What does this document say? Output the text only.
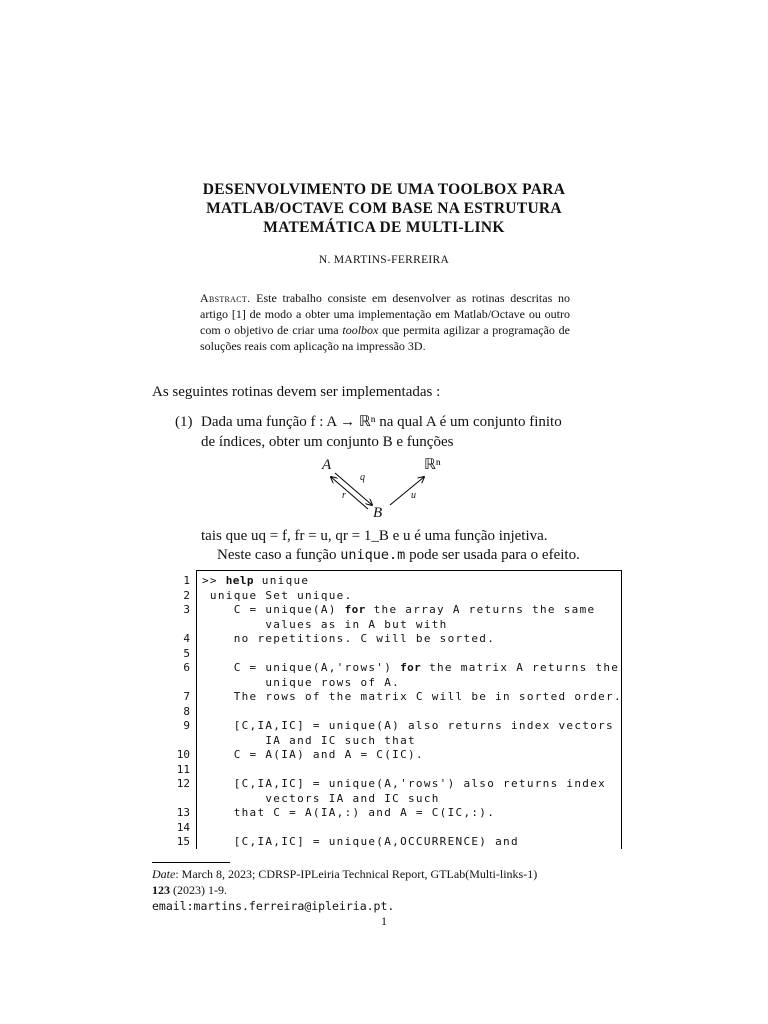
DESENVOLVIMENTO DE UMA TOOLBOX PARA
MATLAB/OCTAVE COM BASE NA ESTRUTURA
MATEMÁTICA DE MULTI-LINK
N. MARTINS-FERREIRA
Abstract. Este trabalho consiste em desenvolver as rotinas descritas no artigo [1] de modo a obter uma implementação em Matlab/Octave ou outro com o objetivo de criar uma toolbox que permita agilizar a programação de soluções reais com aplicação na impressão 3D.
As seguintes rotinas devem ser implementadas :
(1) Dada uma função f : A → ℝⁿ na qual A é um conjunto finito
de índices, obter um conjunto B e funções
A	ℝⁿ
B
q
r	u
tais que uq = f, fr = u, qr = 1_B e u é uma função injetiva.
Neste caso a função unique.m pode ser usada para o efeito.
1 >> help unique
2 unique Set unique.
3 C = unique(A) for the array A returns the same
values as in A but with
4 no repetitions. C will be sorted.
5
6 C = unique(A,'rows') for the matrix A returns the
unique rows of A.
7 The rows of the matrix C will be in sorted order.
8
9 [C,IA,IC] = unique(A) also returns index vectors
IA and IC such that
10 C = A(IA) and A = C(IC).
11
12 [C,IA,IC] = unique(A,'rows') also returns index
vectors IA and IC such
13 that C = A(IA,:) and A = C(IC,:).
14
15 [C,IA,IC] = unique(A,OCCURRENCE) and
Date: March 8, 2023; CDRSP-IPLeiria Technical Report, GTLab(Multi-links-1)
123 (2023) 1-9.
email:martins.ferreira@ipleiria.pt.
1
